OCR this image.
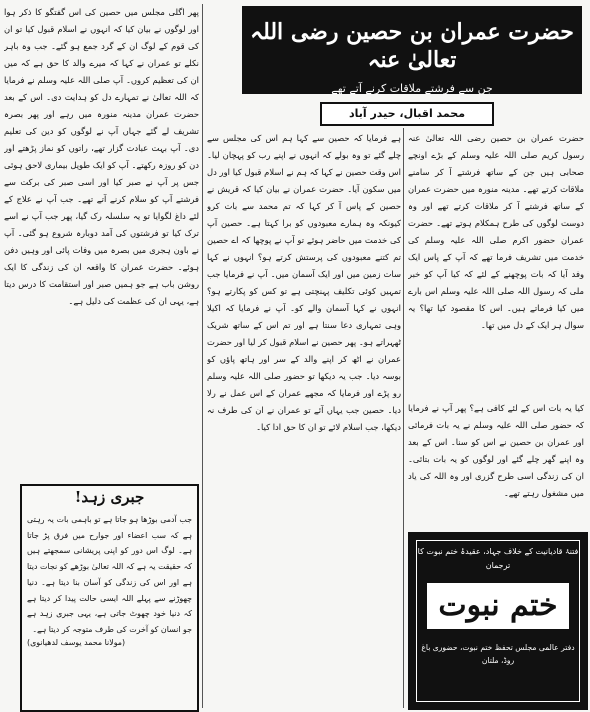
حضرت عمران بن حصین رضی اللہ تعالیٰ عنہ
جن سے فرشتے ملاقات کرنے آتے تھے
محمد اقبال، حیدر آباد

حضرت عمران بن حصین رضی اللہ تعالیٰ عنہ رسول کریم صلی اللہ علیہ وسلم کے بڑے اونچے صحابی ہیں جن کے ساتھ فرشتے آ کر سامنے ملاقات کرتے تھے۔ مدینہ منورہ میں حضرت عمران کے ساتھ فرشتے آ کر ملاقات کرتے تھے اور وہ دوست لوگوں کی طرح ہمکلام ہوتے تھے۔ حضرت عمران حضور اکرم صلی اللہ علیہ وسلم کی خدمت میں تشریف فرما تھے کہ آپ کے پاس ایک وفد آیا کہ بات پوچھنے کے لئے کہ کیا آپ کو خبر ملی کہ رسول اللہ صلی اللہ علیہ وسلم اس بارے میں کیا فرماتے ہیں۔ اس کا مقصود کیا تھا؟ یہ سوال ہر ایک کے دل میں تھا۔

کیا یہ بات اس کے لئے کافی ہے؟ پھر آپ نے فرمایا کہ حضور صلی اللہ علیہ وسلم نے یہ بات فرمائی اور عمران بن حصین نے اس کو سنا۔ اس کے بعد وہ اپنے گھر چلے گئے اور لوگوں کو یہ بات بتائی۔ ان کی زندگی اسی طرح گزری اور وہ اللہ کی یاد میں مشغول رہتے تھے۔

ہے فرمایا کہ حصین سے کہا ہم اس کی مجلس سے چلے گئے تو وہ بولے کہ انہوں نے اپنے رب کو پہچان لیا۔ اس وقت حصین نے کہا کہ ہم نے اسلام قبول کیا اور دل میں سکون آیا۔ حضرت عمران نے بیان کیا کہ قریش نے حصین کے پاس آ کر کہا کہ تم محمد سے بات کرو کیونکہ وہ ہمارے معبودوں کو برا کہتا ہے۔ حصین آپ کی خدمت میں حاضر ہوئے تو آپ نے پوچھا کہ اے حصین تم کتنے معبودوں کی پرستش کرتے ہو؟ انہوں نے کہا سات زمین میں اور ایک آسمان میں۔ آپ نے فرمایا جب تمہیں کوئی تکلیف پہنچتی ہے تو کس کو پکارتے ہو؟ انہوں نے کہا آسمان والے کو۔ آپ نے فرمایا کہ اکیلا وہی تمہاری دعا سنتا ہے اور تم اس کے ساتھ شریک ٹھہراتے ہو۔ پھر حصین نے اسلام قبول کر لیا اور حضرت عمران نے اٹھ کر اپنے والد کے سر اور ہاتھ پاؤں کو بوسہ دیا۔ جب یہ دیکھا تو حضور صلی اللہ علیہ وسلم رو پڑے اور فرمایا کہ مجھے عمران کے اس عمل نے رلا دیا۔ حصین جب یہاں آئے تو عمران نے ان کی طرف نہ دیکھا، جب اسلام لائے تو ان کا حق ادا کیا۔

پھر اگلی مجلس میں حصین کی اس گفتگو کا ذکر ہوا اور لوگوں نے بیان کیا کہ انہوں نے اسلام قبول کیا تو ان کی قوم کے لوگ ان کے گرد جمع ہو گئے۔ جب وہ باہر نکلے تو عمران نے کہا کہ میرے والد کا حق ہے کہ میں ان کی تعظیم کروں۔ آپ صلی اللہ علیہ وسلم نے فرمایا کہ اللہ تعالیٰ نے تمہارے دل کو ہدایت دی۔ اس کے بعد حضرت عمران مدینہ منورہ میں رہے اور پھر بصرہ تشریف لے گئے جہاں آپ نے لوگوں کو دین کی تعلیم دی۔ آپ بہت عبادت گزار تھے، راتوں کو نماز پڑھتے اور دن کو روزہ رکھتے۔ آپ کو ایک طویل بیماری لاحق ہوئی جس پر آپ نے صبر کیا اور اسی صبر کی برکت سے فرشتے آپ کو سلام کرنے آتے تھے۔ جب آپ نے علاج کے لئے داغ لگوایا تو یہ سلسلہ رک گیا، پھر جب آپ نے اسے ترک کیا تو فرشتوں کی آمد دوبارہ شروع ہو گئی۔ آپ نے باون ہجری میں بصرہ میں وفات پائی اور وہیں دفن ہوئے۔ حضرت عمران کا واقعہ ان کی زندگی کا ایک روشن باب ہے جو ہمیں صبر اور استقامت کا درس دیتا ہے، یہی ان کی عظمت کی دلیل ہے۔

جبری زہد!
جب آدمی بوڑھا ہو جاتا ہے تو باہمی بات یہ رہتی ہے کہ سب اعضاء اور جوارح میں فرق پڑ جاتا ہے۔ لوگ اس دور کو اپنی پریشانی سمجھتے ہیں کہ حقیقت یہ ہے کہ اللہ تعالیٰ بوڑھے کو نجات دیتا ہے اور اس کی زندگی کو آسان بنا دیتا ہے۔ دنیا چھوڑنے سے پہلے اللہ ایسی حالت پیدا کر دیتا ہے کہ دنیا خود چھوٹ جاتی ہے، یہی جبری زہد ہے جو انسان کو آخرت کی طرف متوجہ کر دیتا ہے۔
(مولانا محمد یوسف لدھیانوی)
فتنۂ قادیانیت کے خلاف جہاد، عقیدۂ ختم نبوت کا ترجمان
ختم نبوت
دفتر عالمی مجلس تحفظ ختم نبوت، حضوری باغ روڈ، ملتان
